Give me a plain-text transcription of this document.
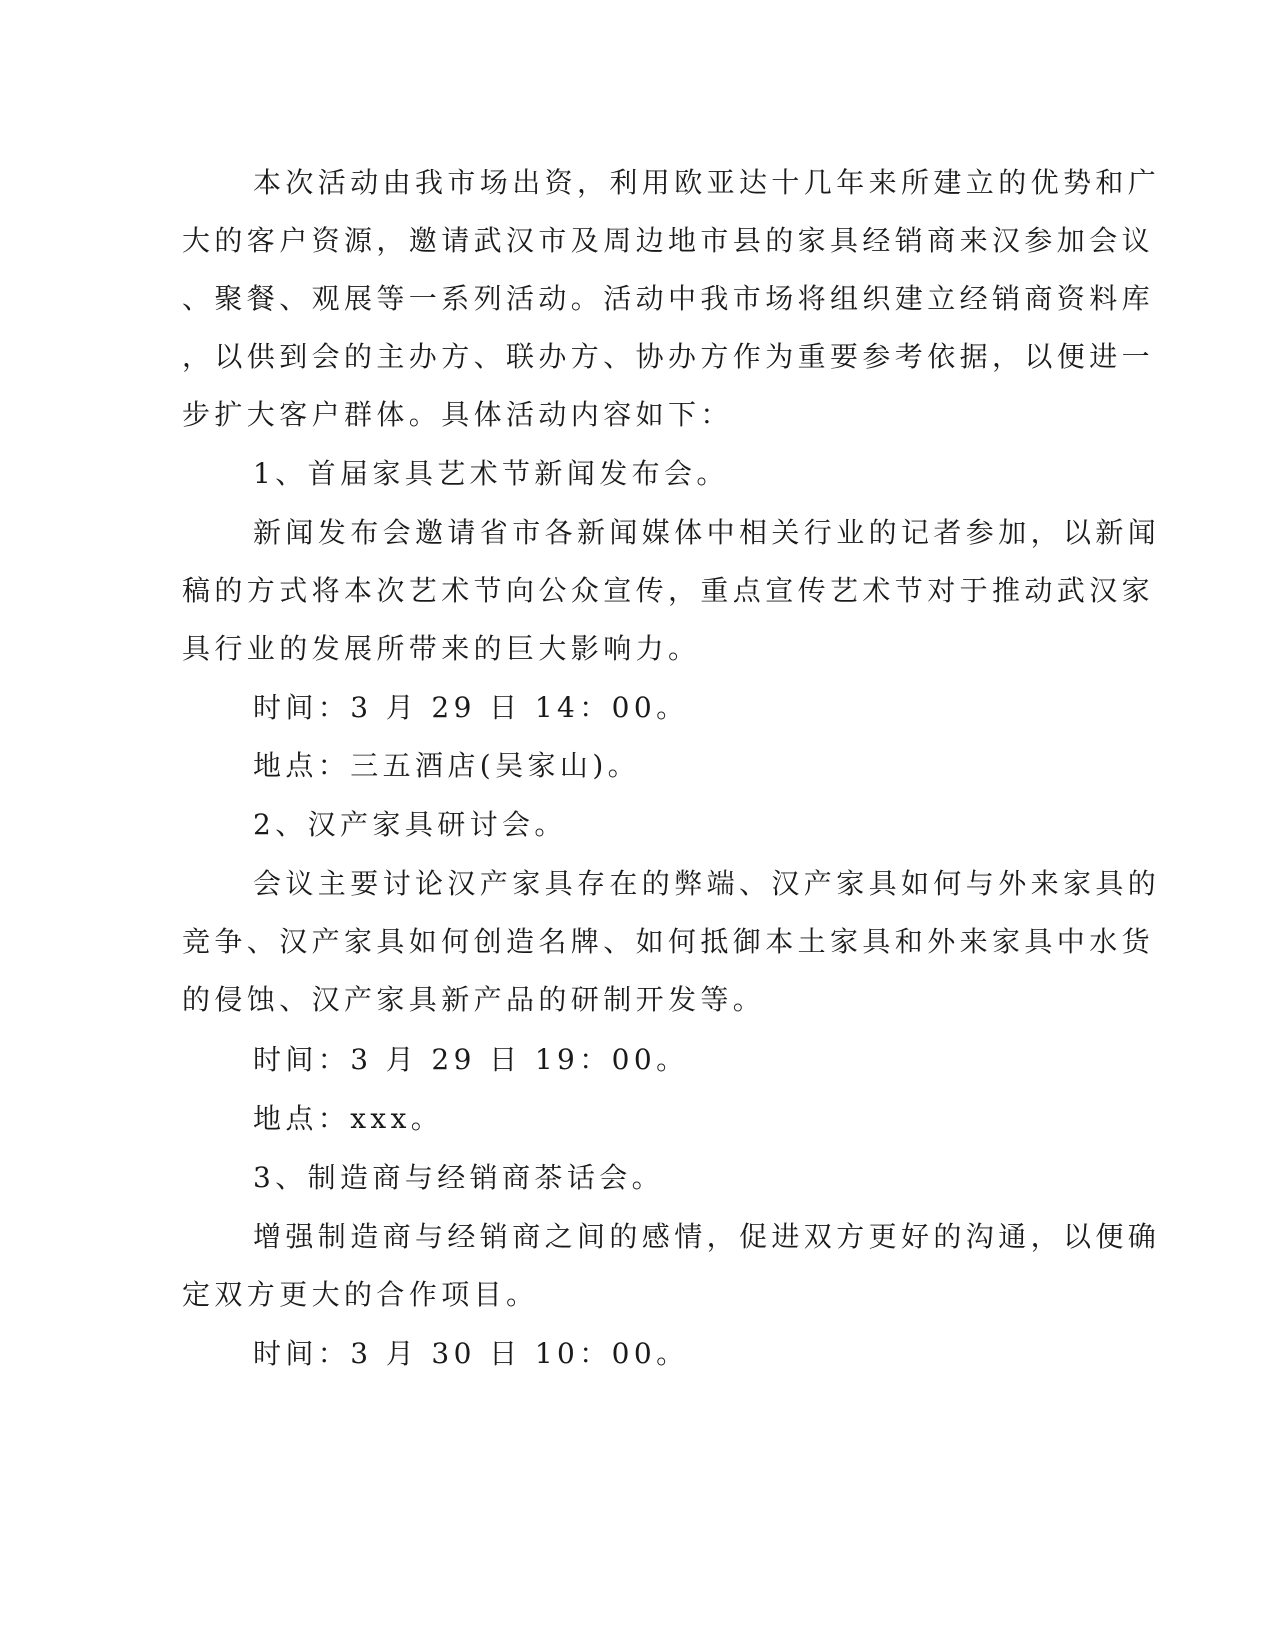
本次活动由我市场出资，利用欧亚达十几年来所建立的优势和广
大的客户资源，邀请武汉市及周边地市县的家具经销商来汉参加会议
、聚餐、观展等一系列活动。活动中我市场将组织建立经销商资料库
，以供到会的主办方、联办方、协办方作为重要参考依据，以便进一
步扩大客户群体。具体活动内容如下：
1、首届家具艺术节新闻发布会。
新闻发布会邀请省市各新闻媒体中相关行业的记者参加，以新闻
稿的方式将本次艺术节向公众宣传，重点宣传艺术节对于推动武汉家
具行业的发展所带来的巨大影响力。
时间：3 月 29 日 14：00。
地点：三五酒店(吴家山)。
2、汉产家具研讨会。
会议主要讨论汉产家具存在的弊端、汉产家具如何与外来家具的
竞争、汉产家具如何创造名牌、如何抵御本土家具和外来家具中水货
的侵蚀、汉产家具新产品的研制开发等。
时间：3 月 29 日 19：00。
地点：xxx。
3、制造商与经销商茶话会。
增强制造商与经销商之间的感情，促进双方更好的沟通，以便确
定双方更大的合作项目。
时间：3 月 30 日 10：00。
